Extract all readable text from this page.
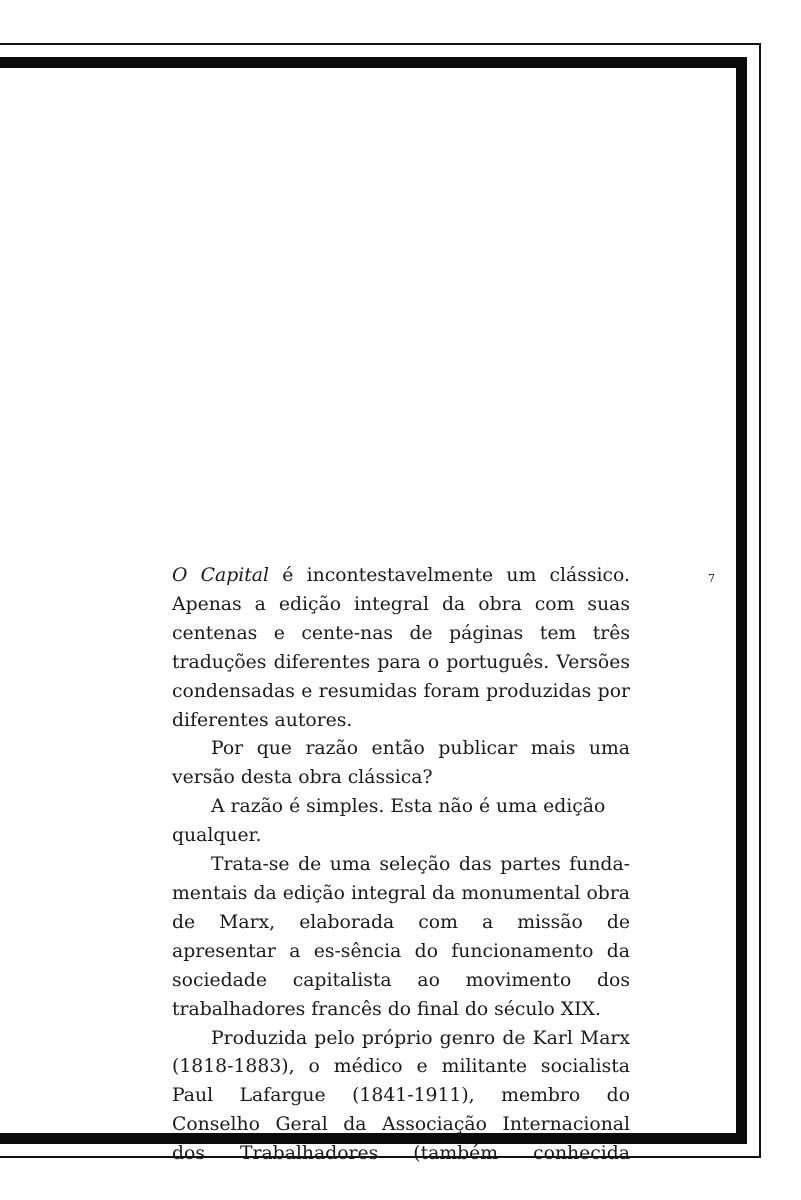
7

O Capital é incontestavelmente um clássico. Apenas a edição integral da obra com suas centenas e cente-nas de páginas tem três traduções diferentes para o português. Versões condensadas e resumidas foram produzidas por diferentes autores.

Por que razão então publicar mais uma versão desta obra clássica?

A razão é simples. Esta não é uma edição qualquer.

Trata-se de uma seleção das partes funda-mentais da edição integral da monumental obra de Marx, elaborada com a missão de apresentar a es-sência do funcionamento da sociedade capitalista ao movimento dos trabalhadores francês do final do século XIX.

Produzida pelo próprio genro de Karl Marx (1818-1883), o médico e militante socialista Paul Lafargue (1841-1911), membro do Conselho Geral da Associação Internacional dos Trabalhadores (também conhecida
